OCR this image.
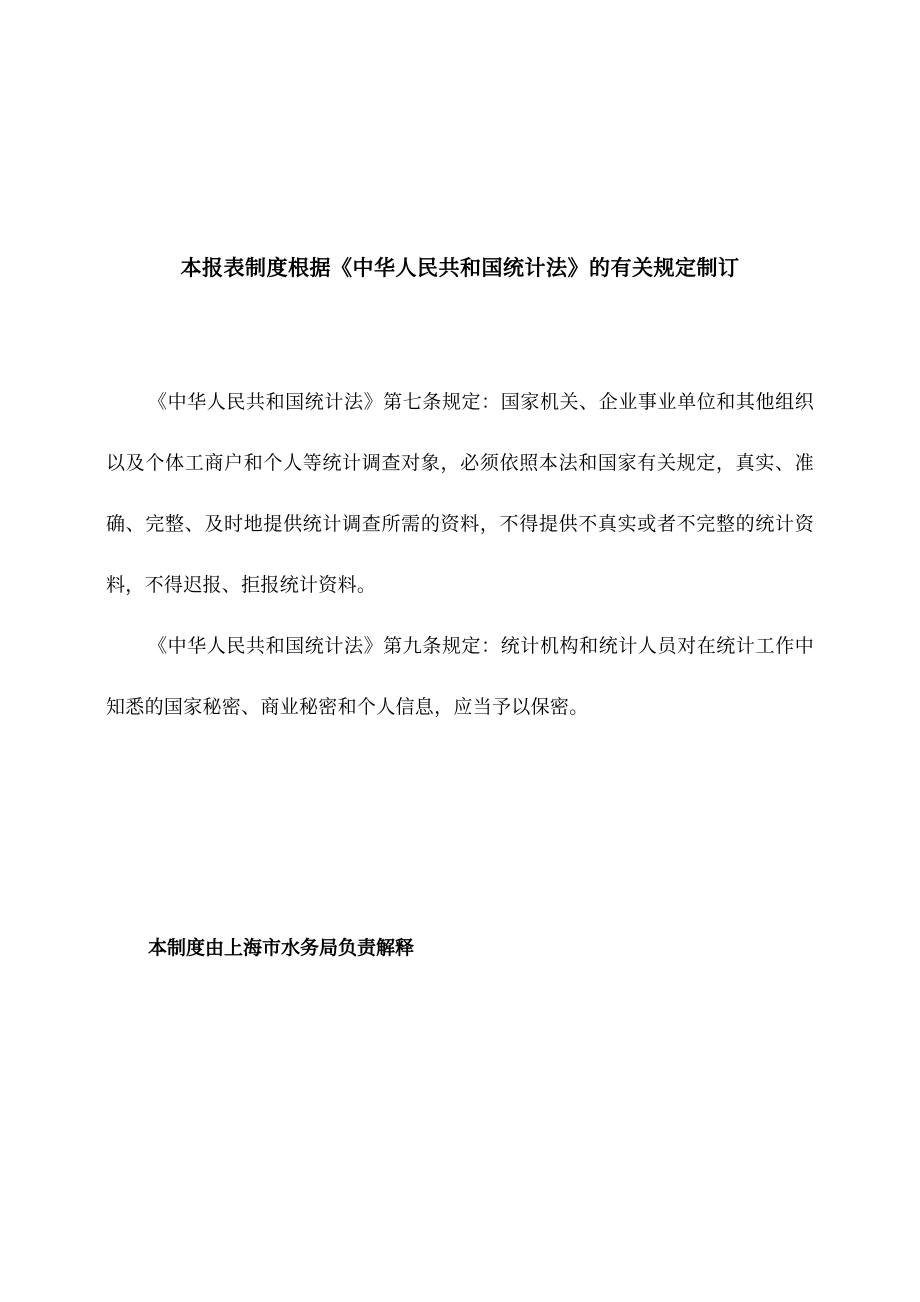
本报表制度根据《中华人民共和国统计法》的有关规定制订

《中华人民共和国统计法》第七条规定：国家机关、企业事业单位和其他组织以及个体工商户和个人等统计调查对象，必须依照本法和国家有关规定，真实、准确、完整、及时地提供统计调查所需的资料，不得提供不真实或者不完整的统计资料，不得迟报、拒报统计资料。

《中华人民共和国统计法》第九条规定：统计机构和统计人员对在统计工作中知悉的国家秘密、商业秘密和个人信息，应当予以保密。

本制度由上海市水务局负责解释
